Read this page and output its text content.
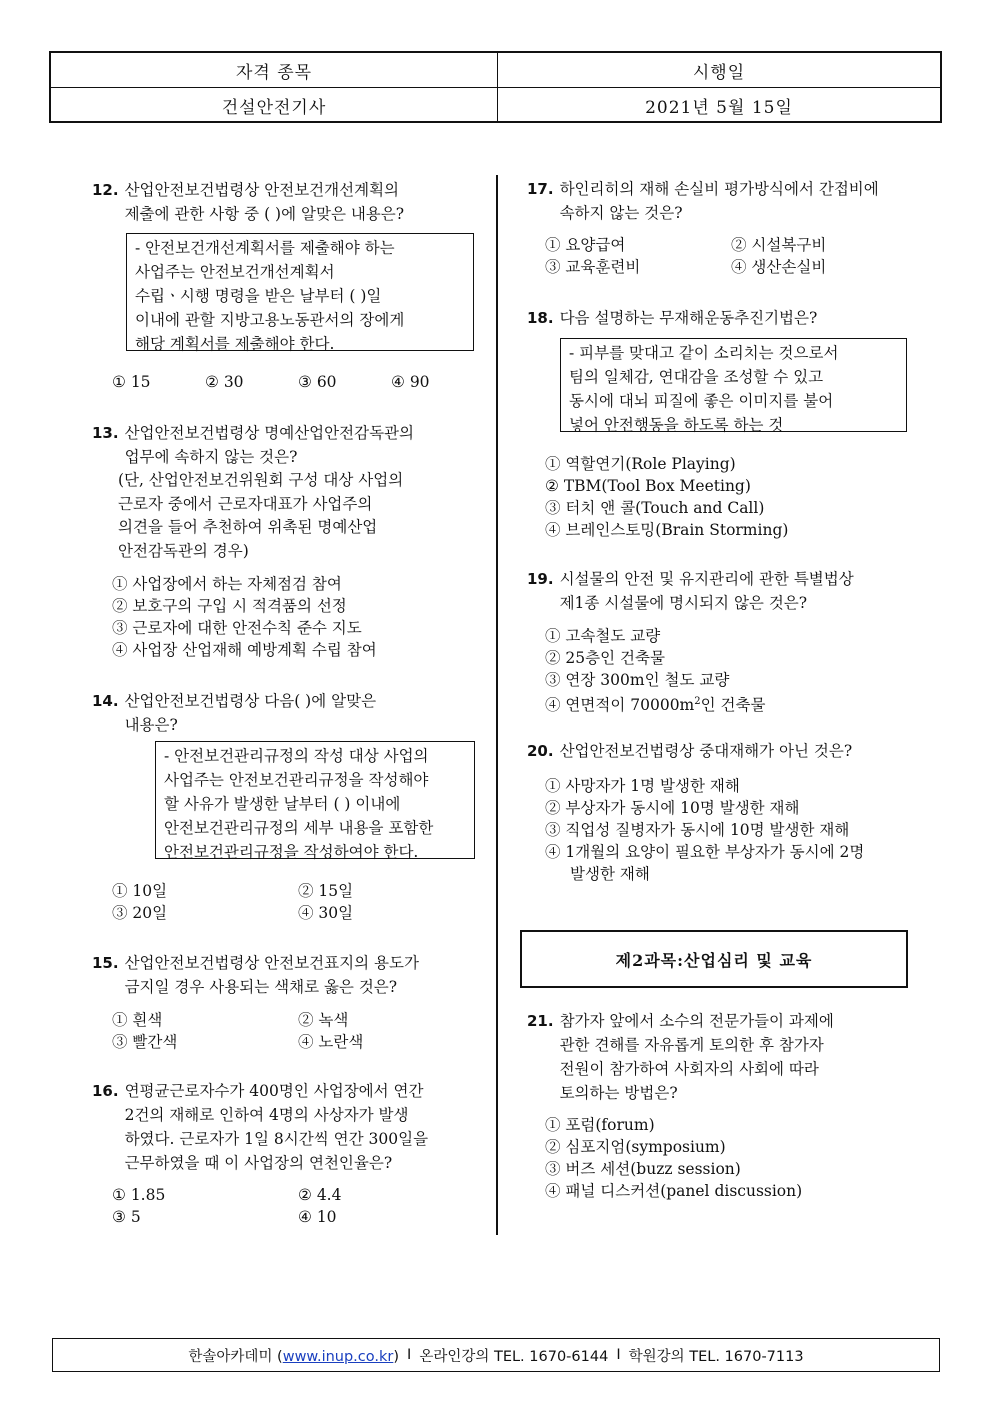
자격 종목	시행일
건설안전기사	2021년 5월 15일
12. 산업안전보건법령상 안전보건개선계획의
제출에 관한 사항 중 ( )에 알맞은 내용은?
- 안전보건개선계획서를 제출해야 하는
사업주는 안전보건개선계획서
수립ㆍ시행 명령을 받은 날부터 ( )일
이내에 관할 지방고용노동관서의 장에게
해당 계획서를 제출해야 한다.
① 15	② 30	③ 60	④ 90
13. 산업안전보건법령상 명예산업안전감독관의
업무에 속하지 않는 것은?
(단, 산업안전보건위원회 구성 대상 사업의
근로자 중에서 근로자대표가 사업주의
의견을 들어 추천하여 위촉된 명예산업
안전감독관의 경우)
① 사업장에서 하는 자체점검 참여
② 보호구의 구입 시 적격품의 선정
③ 근로자에 대한 안전수칙 준수 지도
④ 사업장 산업재해 예방계획 수립 참여
14. 산업안전보건법령상 다음( )에 알맞은
내용은?
- 안전보건관리규정의 작성 대상 사업의
사업주는 안전보건관리규정을 작성해야
할 사유가 발생한 날부터 ( ) 이내에
안전보건관리규정의 세부 내용을 포함한
안전보건관리규정을 작성하여야 한다.
① 10일	② 15일
③ 20일	④ 30일
15. 산업안전보건법령상 안전보건표지의 용도가
금지일 경우 사용되는 색채로 옳은 것은?
① 흰색	② 녹색
③ 빨간색	④ 노란색
16. 연평균근로자수가 400명인 사업장에서 연간
2건의 재해로 인하여 4명의 사상자가 발생
하였다. 근로자가 1일 8시간씩 연간 300일을
근무하였을 때 이 사업장의 연천인율은?
① 1.85	② 4.4
③ 5	④ 10
17. 하인리히의 재해 손실비 평가방식에서 간접비에
속하지 않는 것은?
① 요양급여	② 시설복구비
③ 교육훈련비	④ 생산손실비
18. 다음 설명하는 무재해운동추진기법은?
- 피부를 맞대고 같이 소리치는 것으로서
팀의 일체감, 연대감을 조성할 수 있고
동시에 대뇌 피질에 좋은 이미지를 불어
넣어 안전행동을 하도록 하는 것
① 역할연기(Role Playing)
② TBM(Tool Box Meeting)
③ 터치 앤 콜(Touch and Call)
④ 브레인스토밍(Brain Storming)
19. 시설물의 안전 및 유지관리에 관한 특별법상
제1종 시설물에 명시되지 않은 것은?
① 고속철도 교량
② 25층인 건축물
③ 연장 300m인 철도 교량
④ 연면적이 $70000m^2$인 건축물
20. 산업안전보건법령상 중대재해가 아닌 것은?
① 사망자가 1명 발생한 재해
② 부상자가 동시에 10명 발생한 재해
③ 직업성 질병자가 동시에 10명 발생한 재해
④ 1개월의 요양이 필요한 부상자가 동시에 2명
발생한 재해
제2과목:산업심리 및 교육
21. 참가자 앞에서 소수의 전문가들이 과제에
관한 견해를 자유롭게 토의한 후 참가자
전원이 참가하여 사회자의 사회에 따라
토의하는 방법은?
① 포럼(forum)
② 심포지엄(symposium)
③ 버즈 세션(buzz session)
④ 패널 디스커션(panel discussion)
한솔아카데미 (www.inup.co.kr) I 온라인강의 TEL. 1670-6144 I 학원강의 TEL. 1670-7113
